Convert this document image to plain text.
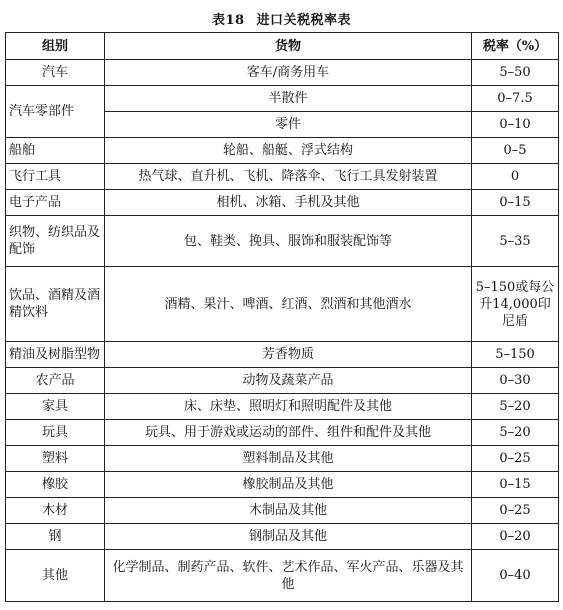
表18 进口关税税率表
组别	货物	税率（%）
汽车	客车/商务用车	5–50
汽车零部件	半散件	0–7.5
	零件	0–10
船舶	轮船、船艇、浮式结构	0–5
飞行工具	热气球、直升机、飞机、降落伞、飞行工具发射装置	0
电子产品	相机、冰箱、手机及其他	0–15
织物、纺织品及配饰	包、鞋类、挽具、服饰和服装配饰等	5–35
饮品、酒精及酒精饮料	酒精、果汁、啤酒、红酒、烈酒和其他酒水	5–150或每公升14,000印尼盾
精油及树脂型物	芳香物质	5–150
农产品	动物及蔬菜产品	0–30
家具	床、床垫、照明灯和照明配件及其他	5–20
玩具	玩具、用于游戏或运动的部件、组件和配件及其他	5–20
塑料	塑料制品及其他	0–25
橡胶	橡胶制品及其他	0–15
木材	木制品及其他	0–25
钢	钢制品及其他	0–20
其他	化学制品、制药产品、软件、艺术作品、军火产品、乐器及其他	0–40
